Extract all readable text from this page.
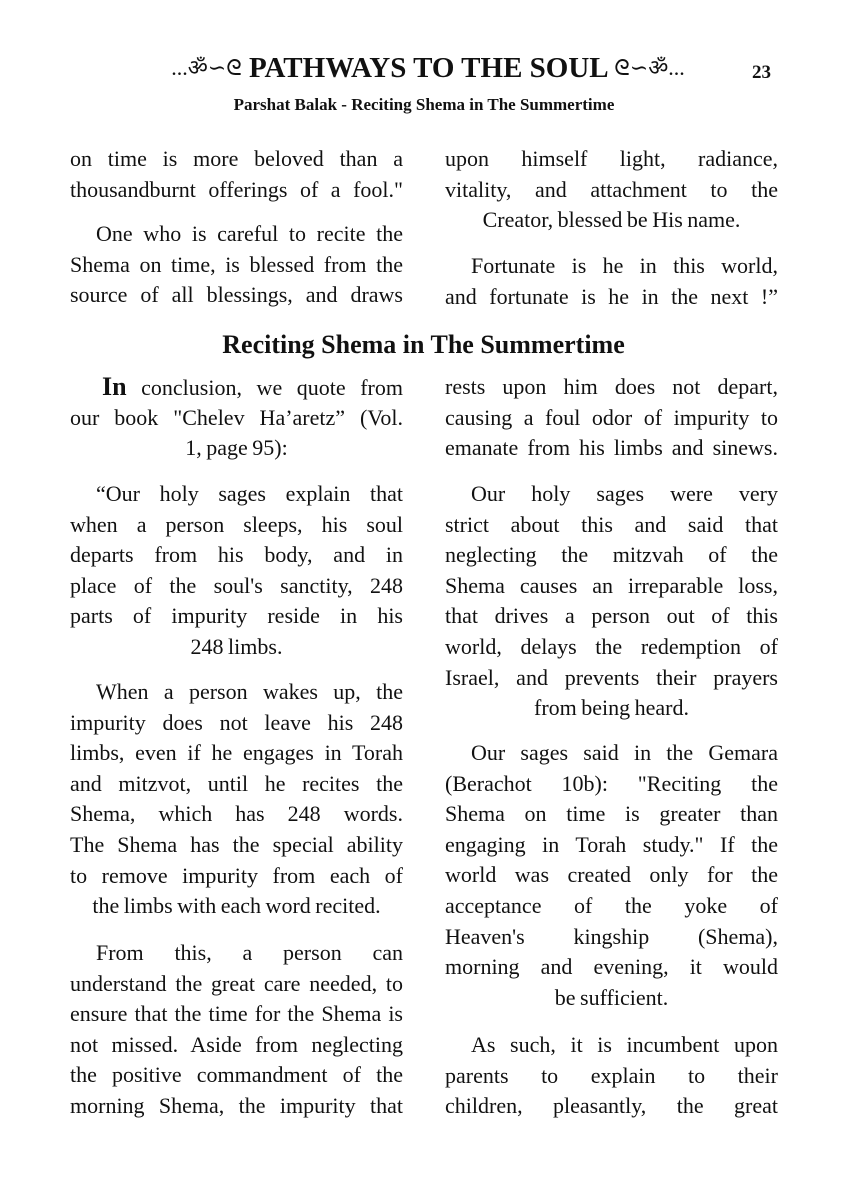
...ॐ∽ᘓ PATHWAYS TO THE SOUL ᘓ∽ॐ...	23
Parshat Balak - Reciting Shema in The Summertime
Reciting Shema in The Summertime
on time is more beloved than a
thousandburnt offerings of a fool."
One who is careful to recite the
Shema on time, is blessed from the
source of all blessings, and draws
upon himself light, radiance,
vitality, and attachment to the
Creator, blessed be His name.
Fortunate is he in this world,
and fortunate is he in the next !”
In conclusion, we quote from
our book "Chelev Ha’aretz” (Vol.
1, page 95):
“Our holy sages explain that
when a person sleeps, his soul
departs from his body, and in
place of the soul's sanctity, 248
parts of impurity reside in his
248 limbs.
When a person wakes up, the
impurity does not leave his 248
limbs, even if he engages in Torah
and mitzvot, until he recites the
Shema, which has 248 words.
The Shema has the special ability
to remove impurity from each of
the limbs with each word recited.
From this, a person can
understand the great care needed, to
ensure that the time for the Shema is
not missed. Aside from neglecting
the positive commandment of the
morning Shema, the impurity that
rests upon him does not depart,
causing a foul odor of impurity to
emanate from his limbs and sinews.
Our holy sages were very
strict about this and said that
neglecting the mitzvah of the
Shema causes an irreparable loss,
that drives a person out of this
world, delays the redemption of
Israel, and prevents their prayers
from being heard.
Our sages said in the Gemara
(Berachot 10b): "Reciting the
Shema on time is greater than
engaging in Torah study." If the
world was created only for the
acceptance of the yoke of
Heaven's kingship (Shema),
morning and evening, it would
be sufficient.
As such, it is incumbent upon
parents to explain to their
children, pleasantly, the great
